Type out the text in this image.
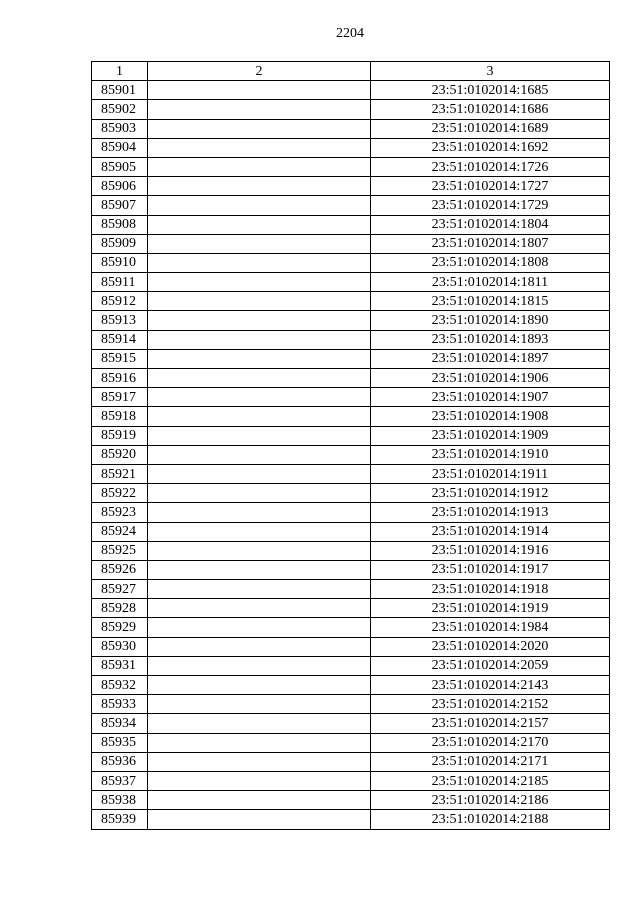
2204
1	2	3
85901		23:51:0102014:1685
85902		23:51:0102014:1686
85903		23:51:0102014:1689
85904		23:51:0102014:1692
85905		23:51:0102014:1726
85906		23:51:0102014:1727
85907		23:51:0102014:1729
85908		23:51:0102014:1804
85909		23:51:0102014:1807
85910		23:51:0102014:1808
85911		23:51:0102014:1811
85912		23:51:0102014:1815
85913		23:51:0102014:1890
85914		23:51:0102014:1893
85915		23:51:0102014:1897
85916		23:51:0102014:1906
85917		23:51:0102014:1907
85918		23:51:0102014:1908
85919		23:51:0102014:1909
85920		23:51:0102014:1910
85921		23:51:0102014:1911
85922		23:51:0102014:1912
85923		23:51:0102014:1913
85924		23:51:0102014:1914
85925		23:51:0102014:1916
85926		23:51:0102014:1917
85927		23:51:0102014:1918
85928		23:51:0102014:1919
85929		23:51:0102014:1984
85930		23:51:0102014:2020
85931		23:51:0102014:2059
85932		23:51:0102014:2143
85933		23:51:0102014:2152
85934		23:51:0102014:2157
85935		23:51:0102014:2170
85936		23:51:0102014:2171
85937		23:51:0102014:2185
85938		23:51:0102014:2186
85939		23:51:0102014:2188
